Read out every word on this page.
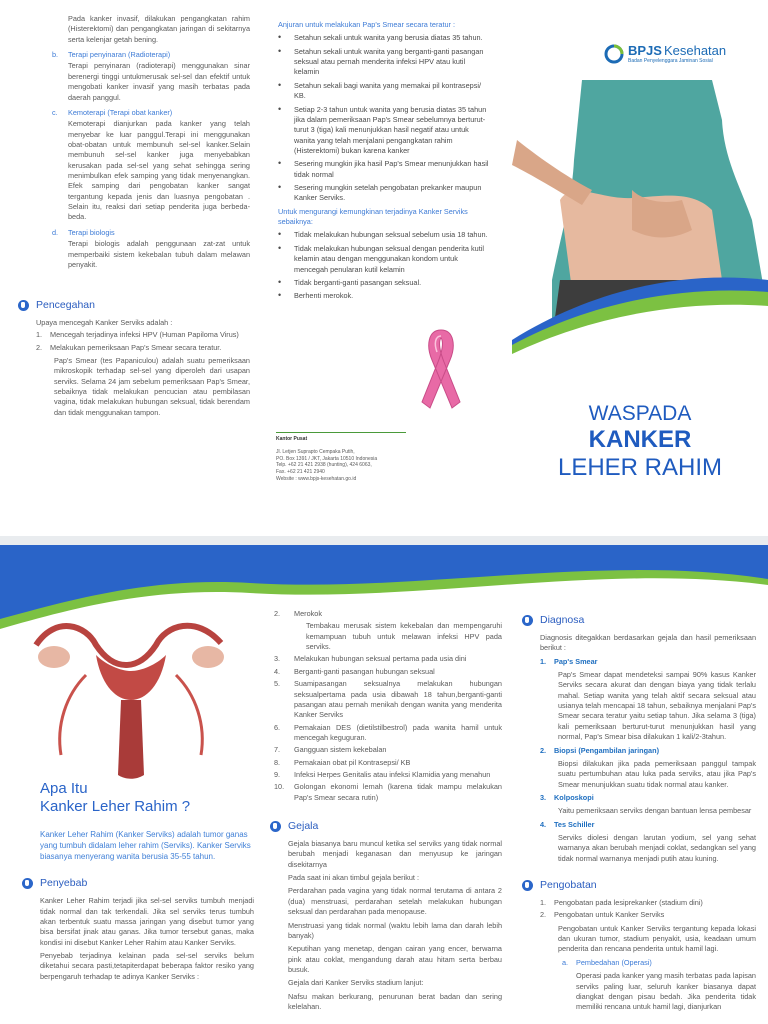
Pada kanker invasif, dilakukan pengangkatan rahim (Histerektomi) dan pengangkatan jaringan di sekitarnya serta kelenjar getah bening.

b. Terapi penyinaran (Radioterapi)

Terapi penyinaran (radioterapi) menggunakan sinar berenergi tinggi untukmerusak sel-sel dan efektif untuk mengobati kanker invasif yang masih terbatas pada daerah panggul.

c. Kemoterapi (Terapi obat kanker)

Kemoterapi dianjurkan pada kanker yang telah menyebar ke luar panggul.Terapi ini menggunakan obat-obatan untuk membunuh sel-sel kanker.Selain membunuh sel-sel kanker juga menyebabkan kerusakan pada sel-sel yang sehat sehingga sering menimbulkan efek samping yang tidak menyenangkan. Efek samping dari pengobatan kanker sangat tergantung kepada jenis dan luasnya pengobatan . Selain itu, reaksi dari setiap penderita juga berbeda-beda.

d. Terapi biologis

Terapi biologis adalah penggunaan zat-zat untuk memperbaiki sistem kekebalan tubuh dalam melawan penyakit.

Pencegahan

Upaya mencegah Kanker Serviks adalah :

1.	Mencegah terjadinya infeksi HPV (Human Papiloma Virus)
2.	Melakukan pemeriksaan Pap's Smear secara teratur.

Pap's Smear (tes Papaniculou) adalah suatu pemeriksaan mikroskopik terhadap sel-sel yang diperoleh dari usapan serviks. Selama 24 jam sebelum pemeriksaan Pap's Smear, sebaiknya tidak melakukan pencucian atau pembilasan vagina, tidak melakukan hubungan seksual, tidak berendam dan tidak menggunakan tampon.

Anjuran untuk melakukan Pap's Smear secara teratur :

•	Setahun sekali untuk wanita yang berusia diatas 35 tahun.
•	Setahun sekali untuk wanita yang berganti-ganti pasangan seksual atau pernah menderita infeksi HPV atau kutil kelamin
•	Setahun sekali bagi wanita yang memakai pil kontrasepsi/ KB.
•	Setiap 2-3 tahun untuk wanita yang berusia diatas 35 tahun jika dalam pemeriksaan Pap's Smear sebelumnya berturut-turut 3 (tiga) kali menunjukkan hasil negatif atau untuk wanita yang telah menjalani pengangkatan rahim (Histerektomi) bukan karena kanker
•	Sesering mungkin jika hasil Pap's Smear menunjukkan hasil tidak normal
•	Sesering mungkin setelah pengobatan prekanker maupun Kanker Serviks.

Untuk mengurangi kemungkinan terjadinya Kanker Serviks sebaiknya:

•	Tidak melakukan hubungan seksual sebelum usia 18 tahun.
•	Tidak melakukan hubungan seksual dengan penderita kutil kelamin atau dengan menggunakan kondom untuk mencegah penularan kutil kelamin
•	Tidak berganti-ganti pasangan seksual.
•	Berhenti merokok.

Kantor Pusat

Jl. Letjen Suprapto Cempaka Putih,

PO. Box 1391 / JKT, Jakarta 10510 Indonesia

Telp. +62 21 421 2938 (hunting), 424 6063,

Fax. +62 21 421 2940

Website : www.bpjs-kesehatan.go.id

BPJS Kesehatan
Badan Penyelenggara Jaminan Sosial
WASPADA
KANKER
LEHER RAHIM
Apa Itu
Kanker Leher Rahim ?

Kanker Leher Rahim (Kanker Serviks) adalah tumor ganas yang tumbuh didalam leher rahim (Serviks). Kanker Serviks biasanya menyerang wanita berusia 35-55 tahun.

Penyebab

Kanker Leher Rahim terjadi jika sel-sel serviks tumbuh menjadi tidak normal dan tak terkendali. Jika sel serviks terus tumbuh akan terbentuk suatu massa jaringan yang disebut tumor yang bisa bersifat jinak atau ganas. Jika tumor tersebut ganas, maka kondisi ini disebut Kanker Leher Rahim atau Kanker Serviks.

Penyebab terjadinya kelainan pada sel-sel serviks belum diketahui secara pasti,tetapiterdapat beberapa faktor resiko yang berpengaruh terhadap te adinya Kanker Serviks :

2.	Merokok

Tembakau merusak sistem kekebalan dan mempengaruhi kemampuan tubuh untuk melawan infeksi HPV pada serviks.

3.	Melakukan hubungan seksual pertama pada usia dini
4.	Berganti-ganti pasangan hubungan seksual
5.	Suamipasangan seksualnya melakukan hubungan seksualpertama pada usia dibawah 18 tahun,berganti-ganti pasangan atau pernah menikah dengan wanita yang menderita Kanker Serviks
6.	Pemakaian DES (dietilstilbestrol) pada wanita hamil untuk mencegah keguguran.
7.	Gangguan sistem kekebalan
8.	Pemakaian obat pil Kontrasepsi/ KB
9.	Infeksi Herpes Genitalis atau infeksi Klamidia yang menahun
10.	Golongan ekonomi lemah (karena tidak mampu melakukan Pap's Smear secara rutin)
Gejala

Gejala biasanya baru muncul ketika sel serviks yang tidak normal berubah menjadi keganasan dan menyusup ke jaringan disekitarnya

Pada saat ini akan timbul gejala berikut :

Perdarahan pada vagina yang tidak normal terutama di antara 2 (dua) menstruasi, perdarahan setelah melakukan hubungan seksual dan perdarahan pada menopause.

Menstruasi yang tidak normal (waktu lebih lama dan darah lebih banyak)

Keputihan yang menetap, dengan cairan yang encer, berwarna pink atau coklat, mengandung darah atau hitam serta berbau busuk.

Gejala dari Kanker Serviks stadium lanjut:

Nafsu makan berkurang, penurunan berat badan dan sering kelelahan.

Diagnosa

Diagnosis ditegakkan berdasarkan gejala dan hasil pemeriksaan berikut :

1.	Pap's Smear

Pap's Smear dapat mendeteksi sampai 90% kasus Kanker Serviks secara akurat dan dengan biaya yang tidak terlalu mahal. Setiap wanita yang telah aktif secara seksual atau usianya telah mencapai 18 tahun, sebaiknya menjalani Pap's Smear secara teratur yaitu setiap tahun. Jika selama 3 (tiga) kali pemeriksaan berturut-turut menunjukkan hasil yang normal, Pap's Smear bisa dilakukan 1 kali/2-3tahun.

2.	Biopsi (Pengambilan jaringan)

Biopsi dilakukan jika pada pemeriksaan panggul tampak suatu pertumbuhan atau luka pada serviks, atau jika Pap's Smear menunjukkan suatu tidak normal atau kanker.

3.	Kolposkopi

Yaitu pemeriksaan serviks dengan bantuan lensa pembesar

4.	Tes Schiller

Serviks diolesi dengan larutan yodium, sel yang sehat warnanya akan berubah menjadi coklat, sedangkan sel yang tidak normal warnanya menjadi putih atau kuning.

Pengobatan
1.	Pengobatan pada lesiprekanker (stadium dini)
2.	Pengobatan untuk Kanker Serviks

Pengobatan untuk Kanker Serviks tergantung kepada lokasi dan ukuran tumor, stadium penyakit, usia, keadaan umum penderita dan rencana penderita untuk hamil lagi.

a.	Pembedahan (Operasi)

Operasi pada kanker yang masih terbatas pada lapisan serviks paling luar, seluruh kanker biasanya dapat diangkat dengan pisau bedah. Jika penderita tidak memiliki rencana untuk hamil lagi, dianjurkan
